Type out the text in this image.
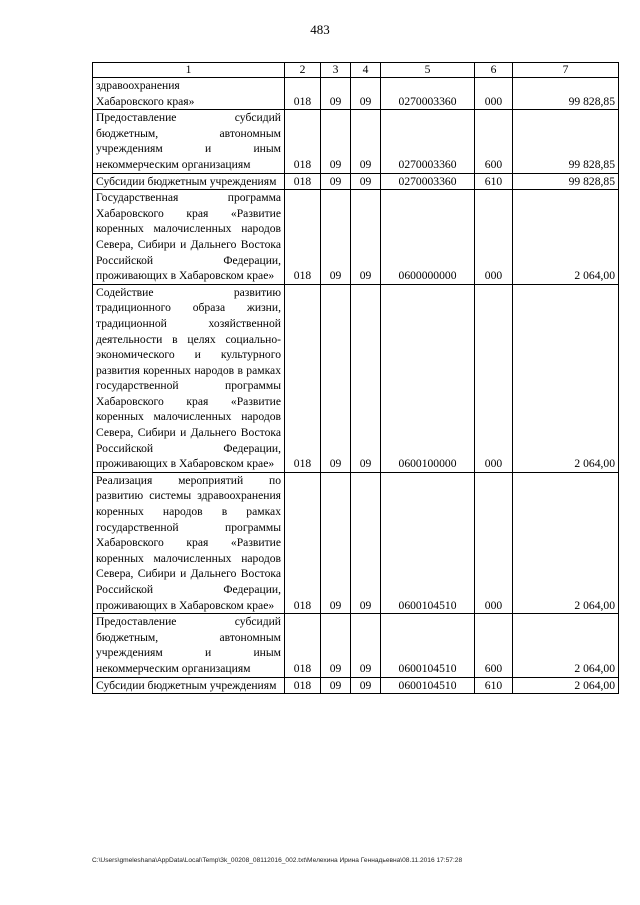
483
1	2	3	4	5	6	7
здравоохранения
Хабаровского края»	018	09	09	0270003360	000	99 828,85
Предоставление субсидий бюджетным, автономным учреждениям и иным некоммерческим организациям	018	09	09	0270003360	600	99 828,85
Субсидии бюджетным учреждениям	018	09	09	0270003360	610	99 828,85
Государственная программа Хабаровского края «Развитие коренных малочисленных народов Севера, Сибири и Дальнего Востока Российской Федерации, проживающих в Хабаровском крае»	018	09	09	0600000000	000	2 064,00
Содействие развитию традиционного образа жизни, традиционной хозяйственной деятельности в целях социально-экономического и культурного развития коренных народов в рамках государственной программы Хабаровского края «Развитие коренных малочисленных народов Севера, Сибири и Дальнего Востока Российской Федерации, проживающих в Хабаровском крае»	018	09	09	0600100000	000	2 064,00
Реализация мероприятий по развитию системы здравоохранения коренных народов в рамках государственной программы Хабаровского края «Развитие коренных малочисленных народов Севера, Сибири и Дальнего Востока Российской Федерации, проживающих в Хабаровском крае»	018	09	09	0600104510	000	2 064,00
Предоставление субсидий бюджетным, автономным учреждениям и иным некоммерческим организациям	018	09	09	0600104510	600	2 064,00
Субсидии бюджетным учреждениям	018	09	09	0600104510	610	2 064,00
C:\Users\gmeleshana\AppData\Local\Temp\3k_00208_08112016_002.txt\Мелехина Ирина Геннадьевна\08.11.2016 17:57:28
